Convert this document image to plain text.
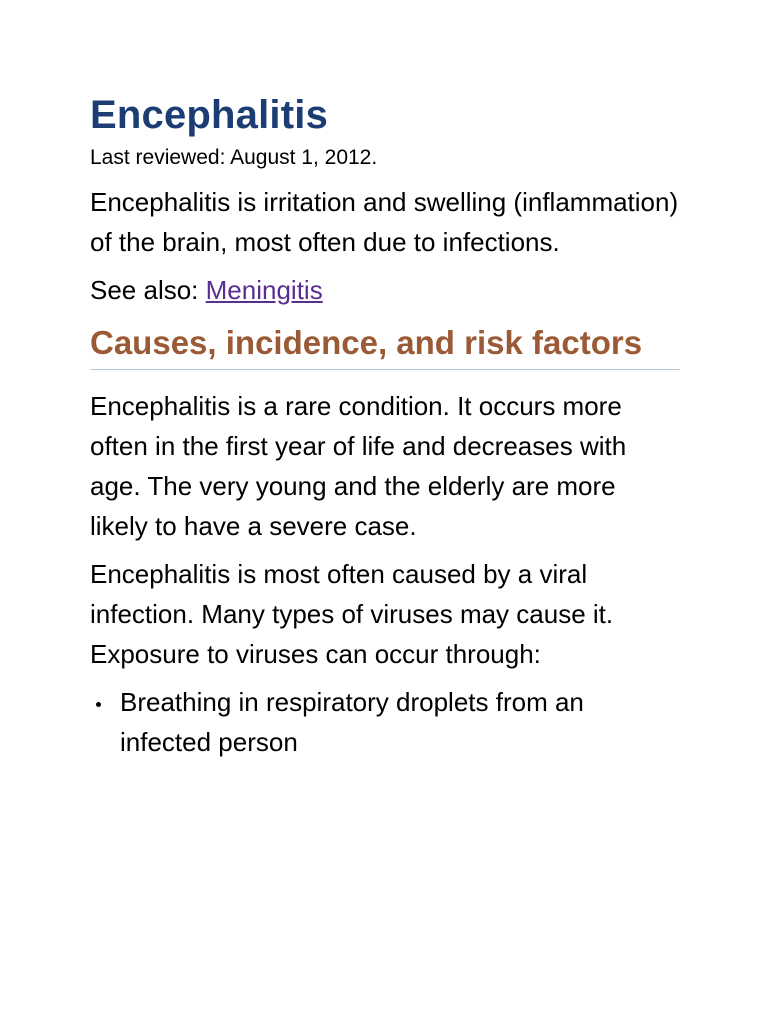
Encephalitis

Last reviewed: August 1, 2012.

Encephalitis is irritation and swelling (inflammation) of the brain, most often due to infections.

See also: Meningitis

Causes, incidence, and risk factors

Encephalitis is a rare condition. It occurs more often in the first year of life and decreases with age. The very young and the elderly are more likely to have a severe case.

Encephalitis is most often caused by a viral infection. Many types of viruses may cause it. Exposure to viruses can occur through:

Breathing in respiratory droplets from an infected person
